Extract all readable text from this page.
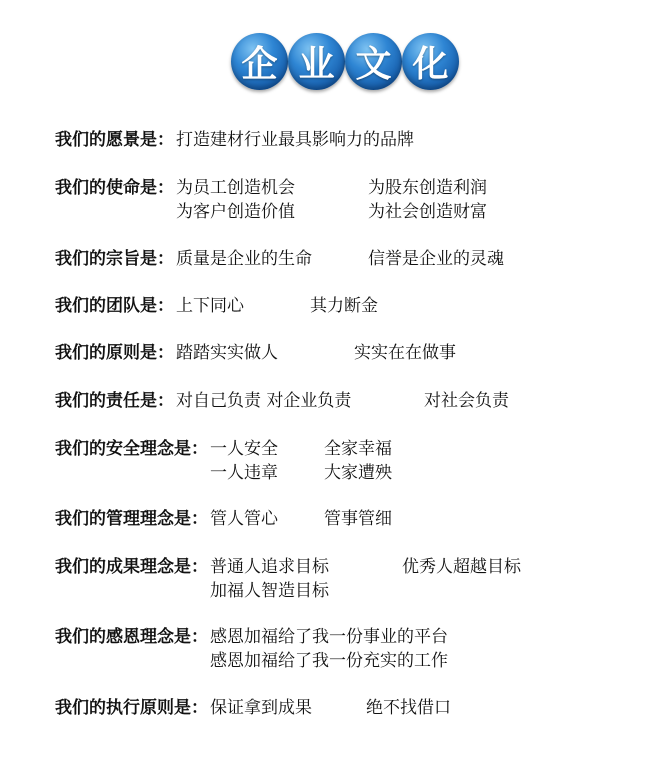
企 业 文 化
我们的愿景是： 打造建材行业最具影响力的品牌
我们的使命是： 为员工创造机会	为股东创造利润
为客户创造价值	为社会创造财富
我们的宗旨是： 质量是企业的生命	信誉是企业的灵魂
我们的团队是： 上下同心	其力断金
我们的原则是： 踏踏实实做人	实实在在做事
我们的责任是： 对自己负责 对企业负责	对社会负责
我们的安全理念是： 一人安全	全家幸福
一人违章	大家遭殃
我们的管理理念是： 管人管心	管事管细
我们的成果理念是： 普通人追求目标	优秀人超越目标
加福人智造目标
我们的感恩理念是： 感恩加福给了我一份事业的平台
感恩加福给了我一份充实的工作
我们的执行原则是： 保证拿到成果	绝不找借口
